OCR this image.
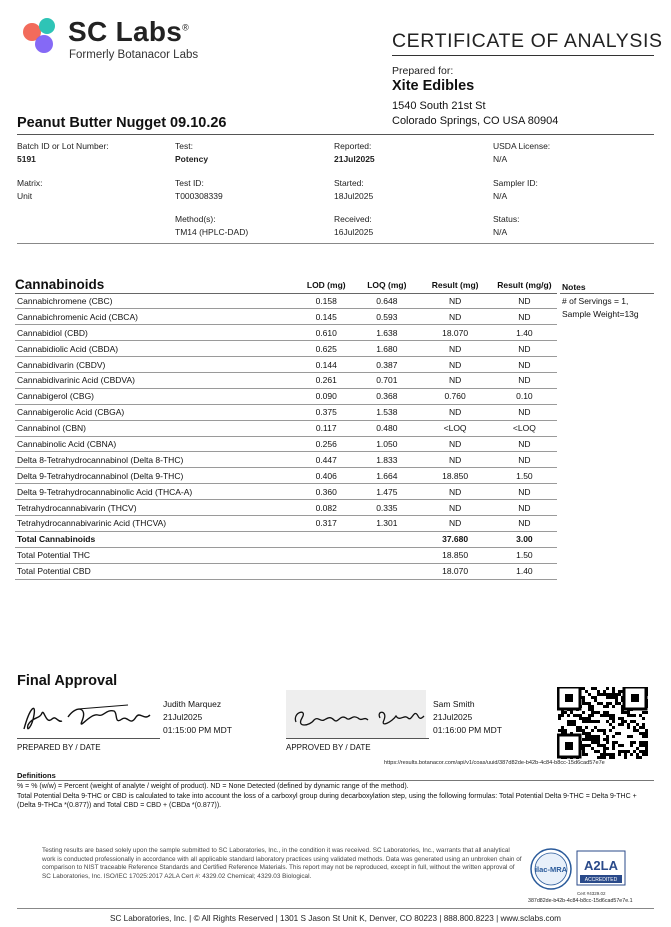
SC Labs®
Formerly Botanacor Labs
CERTIFICATE OF ANALYSIS
Prepared for:
Xite Edibles
1540 South 21st St
Colorado Springs, CO USA 80904
Peanut Butter Nugget 09.10.26
Batch ID or Lot Number:
5191
Test:
Potency
Reported:
21Jul2025
USDA License:
N/A
Matrix:
Unit
Test ID:
T000308339
Started:
18Jul2025
Sampler ID:
N/A
Method(s):
TM14 (HPLC-DAD)
Received:
16Jul2025
Status:
N/A
Cannabinoids	LOD (mg)	LOQ (mg)	Result (mg)	Result (mg/g)
Cannabichromene (CBC)	0.158	0.648	ND	ND
Cannabichromenic Acid (CBCA)	0.145	0.593	ND	ND
Cannabidiol (CBD)	0.610	1.638	18.070	1.40
Cannabidiolic Acid (CBDA)	0.625	1.680	ND	ND
Cannabidivarin (CBDV)	0.144	0.387	ND	ND
Cannabidivarinic Acid (CBDVA)	0.261	0.701	ND	ND
Cannabigerol (CBG)	0.090	0.368	0.760	0.10
Cannabigerolic Acid (CBGA)	0.375	1.538	ND	ND
Cannabinol (CBN)	0.117	0.480	<LOQ	<LOQ
Cannabinolic Acid (CBNA)	0.256	1.050	ND	ND
Delta 8-Tetrahydrocannabinol (Delta 8-THC)	0.447	1.833	ND	ND
Delta 9-Tetrahydrocannabinol (Delta 9-THC)	0.406	1.664	18.850	1.50
Delta 9-Tetrahydrocannabinolic Acid (THCA-A)	0.360	1.475	ND	ND
Tetrahydrocannabivarin (THCV)	0.082	0.335	ND	ND
Tetrahydrocannabivarinic Acid (THCVA)	0.317	1.301	ND	ND
Total Cannabinoids			37.680	3.00
Total Potential THC			18.850	1.50
Total Potential CBD			18.070	1.40
Notes
# of Servings = 1,
Sample Weight=13g
Final Approval
PREPARED BY / DATE
Judith Marquez
21Jul2025
01:15:00 PM MDT
APPROVED BY / DATE
Sam Smith
21Jul2025
01:16:00 PM MDT
https://results.botanacor.com/api/v1/coas/uuid/387d82de-b42b-4c84-b8cc-15d6cad57e7e
Definitions
% = % (w/w) = Percent (weight of analyte / weight of product). ND = None Detected (defined by dynamic range of the method).
Total Potential Delta 9-THC or CBD is calculated to take into account the loss of a carboxyl group during decarboxylation step, using the following formulas: Total Potential Delta 9-THC = Delta 9-THC + (Delta 9-THCa *(0.877)) and Total CBD = CBD + (CBDa *(0.877)).
Testing results are based solely upon the sample submitted to SC Laboratories, Inc., in the condition it was received. SC Laboratories, Inc., warrants that all analytical work is conducted professionally in accordance with all applicable standard laboratory practices using validated methods. Data was generated using an unbroken chain of comparison to NIST traceable Reference Standards and Certified Reference Materials. This report may not be reproduced, except in full, without the written approval of SC Laboratories, Inc. ISO/IEC 17025:2017 A2LA Cert #: 4329.02 Chemical; 4329.03 Biological.
ilac-MRA A2LA
ACCREDITED
Cert #4329.02
387d82de-b42b-4c84-b8cc-15d6cad57e7e.1
SC Laboratories, Inc. | © All Rights Reserved | 1301 S Jason St Unit K, Denver, CO 80223 | 888.800.8223 | www.sclabs.com
